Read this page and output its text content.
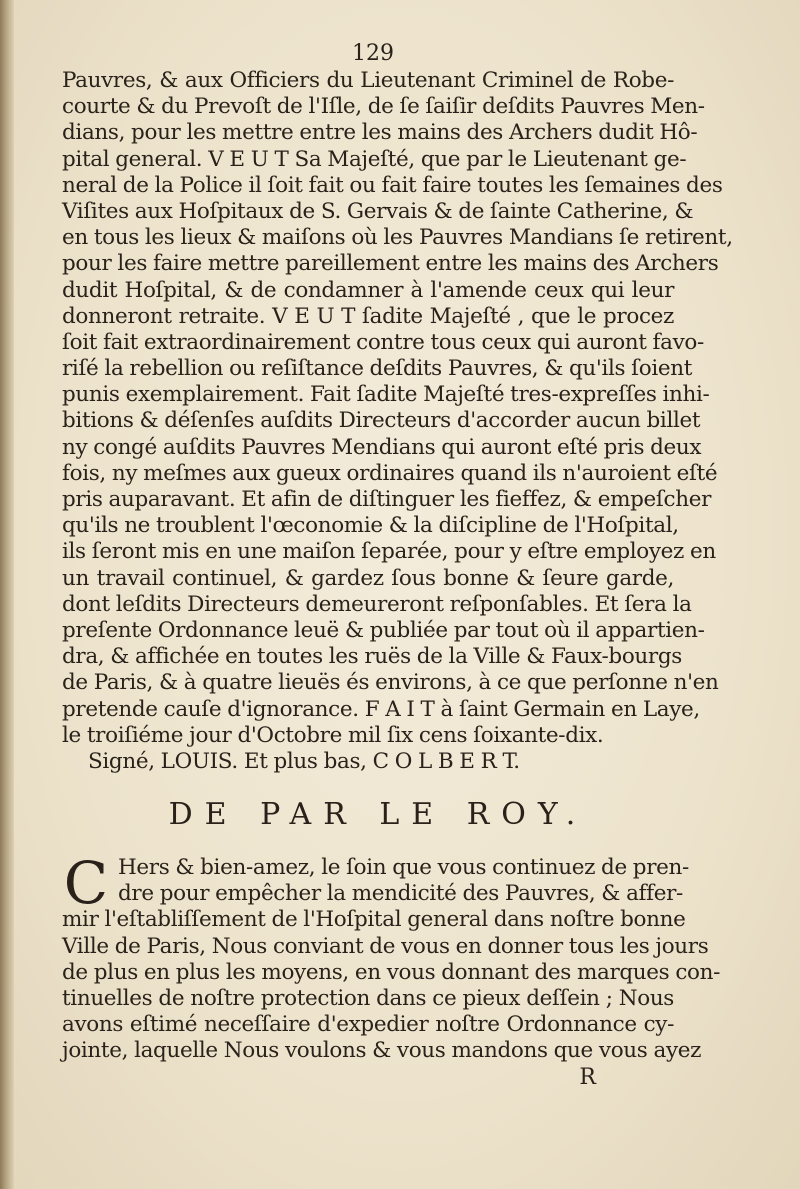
129
Pauvres, & aux Officiers du Lieutenant Criminel de Robe-
courte & du Prevoſt de l'Iſle, de ſe ſaiſir deſdits Pauvres Men-
dians, pour les mettre entre les mains des Archers dudit Hô-
pital general. V E U T Sa Majeſté, que par le Lieutenant ge-
neral de la Police il ſoit fait ou fait faire toutes les ſemaines des
Viſites aux Hoſpitaux de S. Gervais & de ſainte Catherine, &
en tous les lieux & maiſons où les Pauvres Mandians ſe retirent,
pour les faire mettre pareillement entre les mains des Archers
dudit Hoſpital, & de condamner à l'amende ceux qui leur
donneront retraite. V E U T ſadite Majeſté , que le procez
ſoit fait extraordinairement contre tous ceux qui auront favo-
riſé la rebellion ou reſiſtance deſdits Pauvres, & qu'ils ſoient
punis exemplairement. Fait ſadite Majeſté tres-expreſſes inhi-
bitions & déſenſes auſdits Directeurs d'accorder aucun billet
ny congé auſdits Pauvres Mendians qui auront eſté pris deux
fois, ny meſmes aux gueux ordinaires quand ils n'auroient eſté
pris auparavant. Et afin de diſtinguer les fieffez, & empeſcher
qu'ils ne troublent l'œconomie & la diſcipline de l'Hoſpital,
ils ſeront mis en une maiſon ſeparée, pour y eſtre employez en
un travail continuel, & gardez ſous bonne & ſeure garde,
dont leſdits Directeurs demeureront reſponſables. Et ſera la
preſente Ordonnance leuë & publiée par tout où il appartien-
dra, & affichée en toutes les ruës de la Ville & Faux-bourgs
de Paris, & à quatre lieuës és environs, à ce que perſonne n'en
pretende cauſe d'ignorance. F A I T à ſaint Germain en Laye,
le troiſiéme jour d'Octobre mil ſix cens ſoixante-dix.
Signé, LOUIS. Et plus bas, C O L B E R T.
DE PAR LE ROY.
C Hers & bien-amez, le ſoin que vous continuez de pren-
dre pour empêcher la mendicité des Pauvres, & affer-
mir l'eſtabliſſement de l'Hoſpital general dans noſtre bonne
Ville de Paris, Nous conviant de vous en donner tous les jours
de plus en plus les moyens, en vous donnant des marques con-
tinuelles de noſtre protection dans ce pieux deſſein ; Nous
avons eſtimé neceſſaire d'expedier noſtre Ordonnance cy-
jointe, laquelle Nous voulons & vous mandons que vous ayez
R
